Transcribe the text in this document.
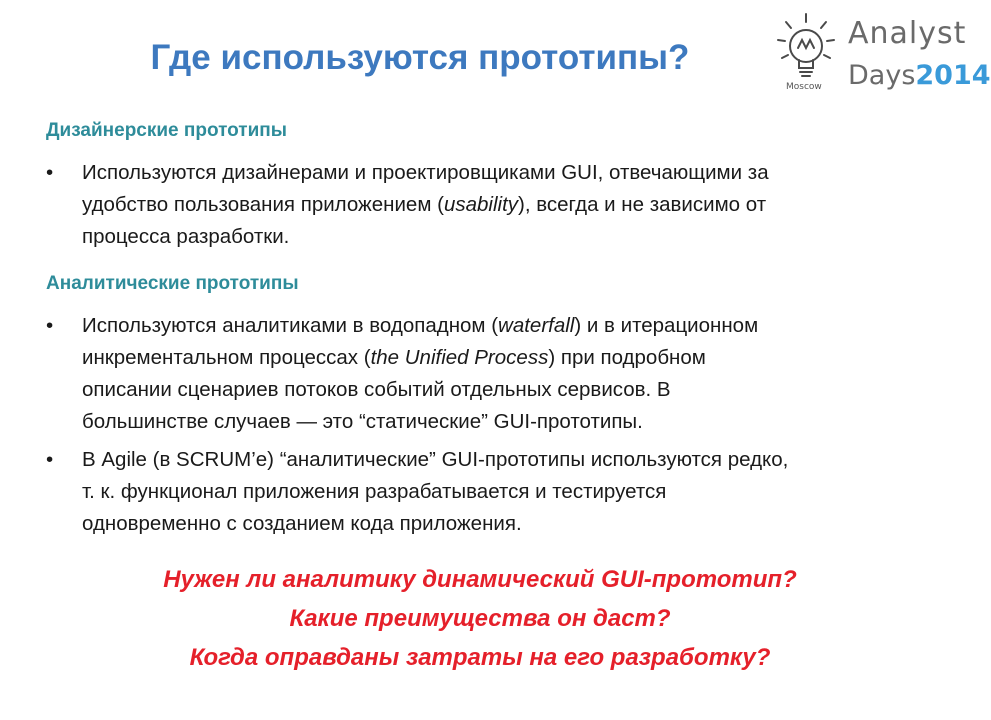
Где используются прототипы?
Moscow
Analyst
Days2014
Дизайнерские прототипы
• Используются дизайнерами и проектировщиками GUI, отвечающими за
удобство пользования приложением (usability), всегда и не зависимо от
процесса разработки.
Аналитические прототипы
• Используются аналитиками в водопадном (waterfall) и в итерационном
инкрементальном процессах (the Unified Process) при подробном
описании сценариев потоков событий отдельных сервисов. В
большинстве случаев — это “статические” GUI-прототипы.
• В Agile (в SCRUM’е) “аналитические” GUI-прототипы используются редко,
т. к. функционал приложения разрабатывается и тестируется
одновременно с созданием кода приложения.
Нужен ли аналитику динамический GUI-прототип?
Какие преимущества он даст?
Когда оправданы затраты на его разработку?
